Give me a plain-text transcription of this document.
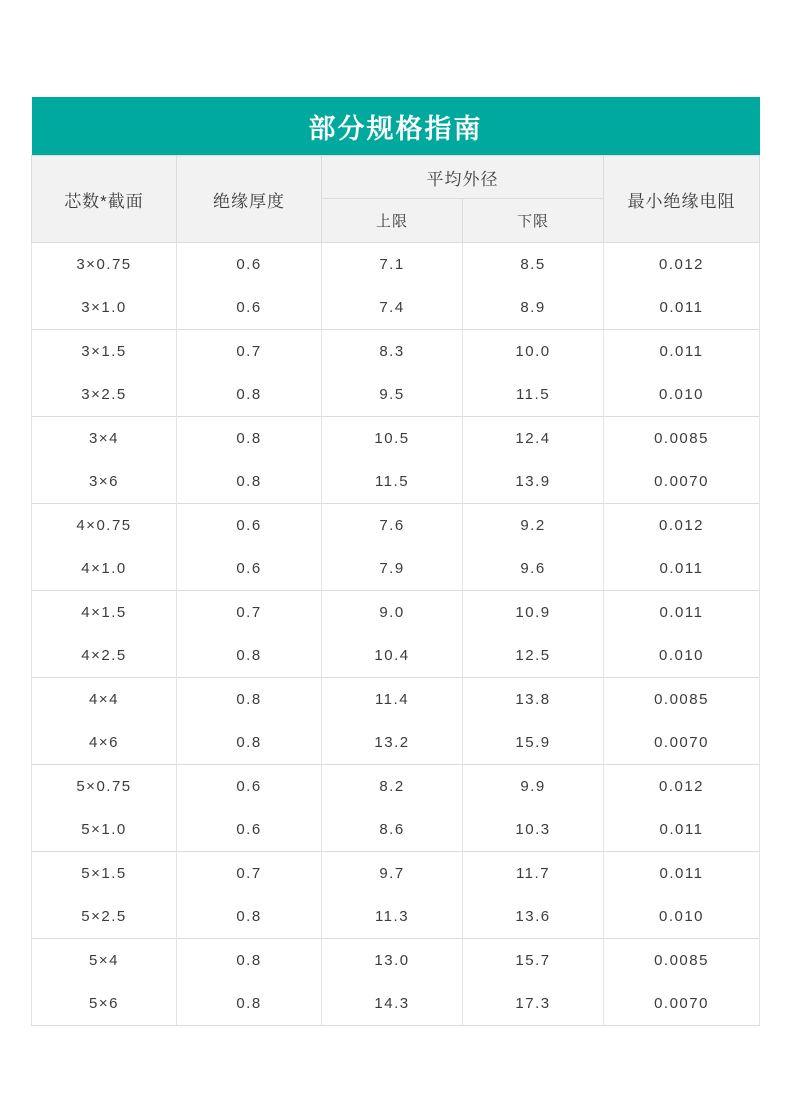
部分规格指南				
芯数*截面	绝缘厚度	平均外径		最小绝缘电阻
		上限	下限	
3×0.75	0.6	7.1	8.5	0.012
3×1.0	0.6	7.4	8.9	0.011
3×1.5	0.7	8.3	10.0	0.011
3×2.5	0.8	9.5	11.5	0.010
3×4	0.8	10.5	12.4	0.0085
3×6	0.8	11.5	13.9	0.0070
4×0.75	0.6	7.6	9.2	0.012
4×1.0	0.6	7.9	9.6	0.011
4×1.5	0.7	9.0	10.9	0.011
4×2.5	0.8	10.4	12.5	0.010
4×4	0.8	11.4	13.8	0.0085
4×6	0.8	13.2	15.9	0.0070
5×0.75	0.6	8.2	9.9	0.012
5×1.0	0.6	8.6	10.3	0.011
5×1.5	0.7	9.7	11.7	0.011
5×2.5	0.8	11.3	13.6	0.010
5×4	0.8	13.0	15.7	0.0085
5×6	0.8	14.3	17.3	0.0070
